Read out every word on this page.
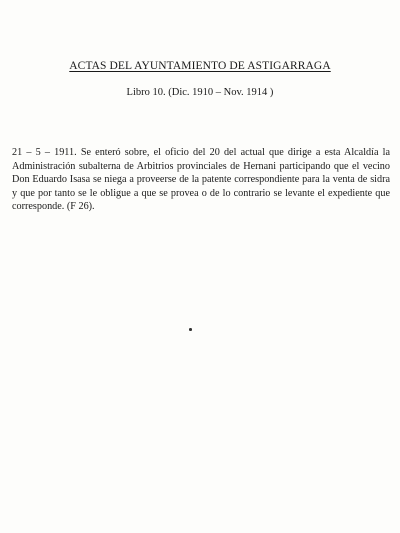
ACTAS DEL AYUNTAMIENTO DE ASTIGARRAGA
Libro 10. (Dic. 1910 – Nov. 1914 )

21 – 5 – 1911. Se enteró sobre, el oficio del 20 del actual que dirige a esta Alcaldía la Administración subalterna de Arbitrios provinciales de Hernani participando que el vecino Don Eduardo Isasa se niega a proveerse de la patente correspondiente para la venta de sidra y que por tanto se le obligue a que se provea o de lo contrario se levante el expediente que corresponde. (F 26).
